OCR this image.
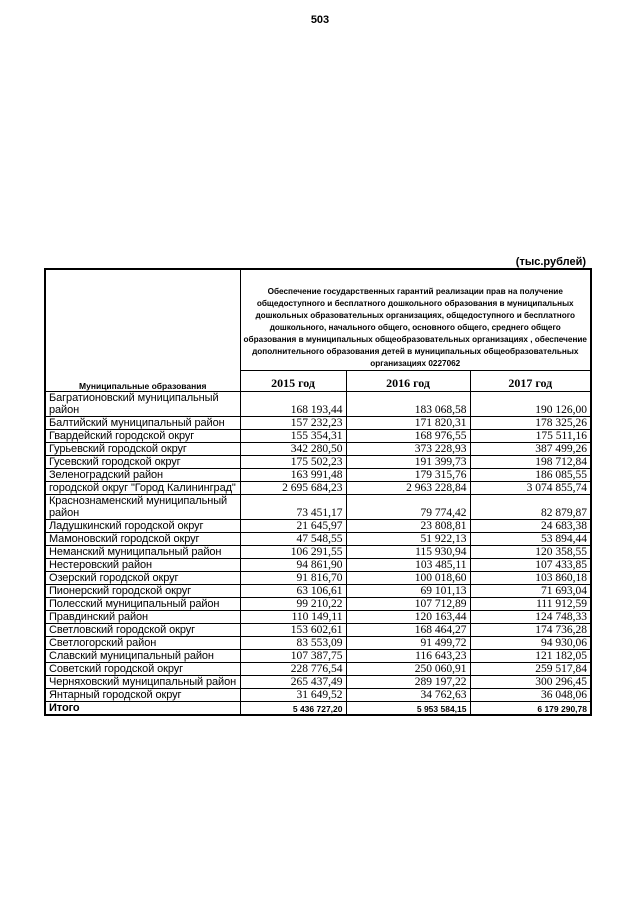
503
(тыс.рублей)
Муниципальные образования	Обеспечение государственных гарантий реализации прав на получение общедоступного и бесплатного дошкольного образования в муниципальных дошкольных образовательных организациях, общедоступного и бесплатного дошкольного, начального общего, основного общего, среднего общего образования в муниципальных общеобразовательных организациях , обеспечение дополнительного образования детей в муниципальных общеобразовательных организациях 0227062		
	2015 год	2016 год	2017 год
Багратионовский муниципальный район	168 193,44	183 068,58	190 126,00
Балтийский муниципальный район	157 232,23	171 820,31	178 325,26
Гвардейский городской округ	155 354,31	168 976,55	175 511,16
Гурьевский городской округ	342 280,50	373 228,93	387 499,26
Гусевский городской округ	175 502,23	191 399,73	198 712,84
Зеленоградский район	163 991,48	179 315,76	186 085,55
городской округ "Город Калининград"	2 695 684,23	2 963 228,84	3 074 855,74
Краснознаменский муниципальный район	73 451,17	79 774,42	82 879,87
Ладушкинский городской округ	21 645,97	23 808,81	24 683,38
Мамоновский городской округ	47 548,55	51 922,13	53 894,44
Неманский муниципальный район	106 291,55	115 930,94	120 358,55
Нестеровский район	94 861,90	103 485,11	107 433,85
Озерский городской округ	91 816,70	100 018,60	103 860,18
Пионерский городской округ	63 106,61	69 101,13	71 693,04
Полесский муниципальный район	99 210,22	107 712,89	111 912,59
Правдинский район	110 149,11	120 163,44	124 748,33
Светловский городской округ	153 602,61	168 464,27	174 736,28
Светлогорский район	83 553,09	91 499,72	94 930,06
Славский муниципальный район	107 387,75	116 643,23	121 182,05
Советский городской округ	228 776,54	250 060,91	259 517,84
Черняховский муниципальный район	265 437,49	289 197,22	300 296,45
Янтарный городской округ	31 649,52	34 762,63	36 048,06
Итого	5 436 727,20	5 953 584,15	6 179 290,78
